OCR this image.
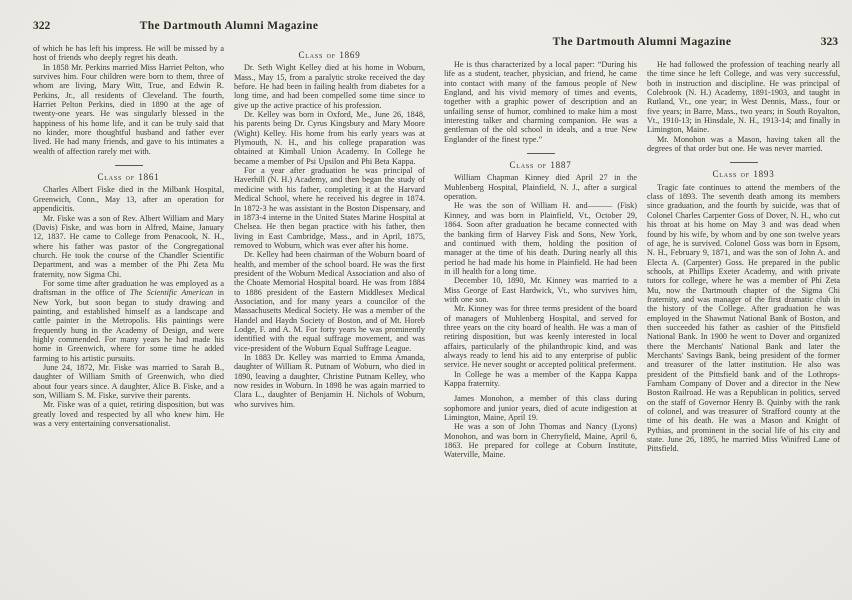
322	The Dartmouth Alumni Magazine

of which he has left his impress. He will be missed by a host of friends who deeply regret his death.

In 1858 Mr. Perkins married Miss Harriet Pelton, who survives him. Four children were born to them, three of whom are living, Mary Witt, True, and Edwin R. Perkins, Jr., all residents of Cleveland. The fourth, Harriet Pelton Perkins, died in 1890 at the age of twenty-one years. He was singularly blessed in the happiness of his home life, and it can be truly said that no kinder, more thoughtful husband and father ever lived. He had many friends, and gave to his intimates a wealth of affection rarely met with.

Class of 1861

Charles Albert Fiske died in the Milbank Hospital, Greenwich, Conn., May 13, after an operation for appendicitis.

Mr. Fiske was a son of Rev. Albert William and Mary (Davis) Fiske, and was born in Alfred, Maine, January 12, 1837. He came to College from Penacook, N. H., where his father was pastor of the Congregational church. He took the course of the Chandler Scientific Department, and was a member of the Phi Zeta Mu fraternity, now Sigma Chi.

For some time after graduation he was employed as a draftsman in the office of The Scientific American in New York, but soon began to study drawing and painting, and established himself as a landscape and cattle painter in the Metropolis. His paintings were frequently hung in the Academy of Design, and were highly commended. For many years he had made his home in Greenwich, where for some time he added farming to his artistic pursuits.

June 24, 1872, Mr. Fiske was married to Sarah B., daughter of William Smith of Greenwich, who died about four years since. A daughter, Alice B. Fiske, and a son, William S. M. Fiske, survive their parents.

Mr. Fiske was of a quiet, retiring disposition, but was greatly loved and respected by all who knew him. He was a very entertaining conversationalist.

Class of 1869

Dr. Seth Wight Kelley died at his home in Woburn, Mass., May 15, from a paralytic stroke received the day before. He had been in failing health from diabetes for a long time, and had been compelled some time since to give up the active practice of his profession.

Dr. Kelley was born in Oxford, Me., June 26, 1848, his parents being Dr. Cyrus Kingsbury and Mary Moore (Wight) Kelley. His home from his early years was at Plymouth, N. H., and his college praparation was obtained at Kimball Union Academy. In College he became a member of Psi Upsilon and Phi Beta Kappa.

For a year after graduation he was principal of Haverhill (N. H.) Academy, and then began the study of medicine with his father, completing it at the Harvard Medical School, where he received his degree in 1874. In 1872-3 he was assistant in the Boston Dispensary, and in 1873-4 interne in the United States Marine Hospital at Chelsea. He then began practice with his father, then living in East Cambridge, Mass., and in April, 1875, removed to Woburn, which was ever after his home.

Dr. Kelley had been chairman of the Woburn board of health, and member of the school board. He was the first president of the Woburn Medical Association and also of the Choate Memorial Hospital board. He was from 1884 to 1886 president of the Eastern Middlesex Medical Association, and for many years a councilor of the Massachusetts Medical Society. He was a member of the Handel and Haydn Society of Boston, and of Mt. Horeb Lodge, F. and A. M. For forty years he was prominently identified with the equal suffrage movement, and was vice-president of the Woburn Equal Suffrage League.

In 1883 Dr. Kelley was married to Emma Amanda, daughter of William R. Putnam of Woburn, who died in 1890, leaving a daughter, Christine Putnam Kelley, who now resides in Woburn. In 1898 he was again married to Clara L., daughter of Benjamin H. Nichols of Woburn, who survives him.

The Dartmouth Alumni Magazine	323

He is thus characterized by a local paper: “During his life as a student, teacher, physician, and friend, he came into contact with many of the famous people of New England, and his vivid memory of times and events, together with a graphic power of description and an unfailing sense of humor, combined to make him a most interesting talker and charming companion. He was a gentleman of the old school in ideals, and a true New Englander of the finest type.”

Class of 1887

William Chapman Kinney died April 27 in the Muhlenberg Hospital, Plainfield, N. J., after a surgical operation.

He was the son of William H. and——— (Fisk) Kinney, and was born in Plainfield, Vt., October 29, 1864. Soon after graduation he became connected with the banking firm of Harvey Fisk and Sons, New York, and continued with them, holding the position of manager at the time of his death. During nearly all this period he had made his home in Plainfield. He had been in ill health for a long time.

December 10, 1890, Mr. Kinney was married to a Miss George of East Hardwick, Vt., who survives him, with one son.

Mr. Kinney was for three terms president of the board of managers of Muhlenberg Hospital, and served for three years on the city board of health. He was a man of retiring disposition, but was keenly interested in local affairs, particularly of the philanthropic kind, and was always ready to lend his aid to any enterprise of public service. He never sought or accepted political preferment.

In College he was a member of the Kappa Kappa Kappa fraternity.

James Monohon, a member of this class during sophomore and junior years, died of acute indigestion at Limington, Maine, April 19.

He was a son of John Thomas and Nancy (Lyons) Monohon, and was born in Cherryfield, Maine, April 6, 1863. He prepared for college at Coburn Institute, Waterville, Maine.

He had followed the profession of teaching nearly all the time since he left College, and was very successful, both in instruction and discipline. He was principal of Colebrook (N. H.) Academy, 1891-1903, and taught in Rutland, Vt., one year; in West Dennis, Mass., four or five years; in Barre, Mass., two years; in South Royalton, Vt., 1910-13; in Hinsdale, N. H., 1913-14; and finally in Limington, Maine.

Mr. Monohon was a Mason, having taken all the degrees of that order but one. He was never married.

Class of 1893

Tragic fate continues to attend the members of the class of 1893. The seventh death among its members since graduation, and the fourth by suicide, was that of Colonel Charles Carpenter Goss of Dover, N. H., who cut his throat at his home on May 3 and was dead when found by his wife, by whom and by one son twelve years of age, he is survived. Colonel Goss was born in Epsom, N. H., February 9, 1871, and was the son of John A. and Electa A. (Carpenter) Goss. He prepared in the public schools, at Phillips Exeter Academy, and with private tutors for college, where he was a member of Phi Zeta Mu, now the Dartmouth chapter of the Sigma Chi fraternity, and was manager of the first dramatic club in the history of the College. After graduation he was employed in the Shawmut National Bank of Boston, and then succeeded his father as cashier of the Pittsfield National Bank. In 1900 he went to Dover and organized there the Merchants' National Bank and later the Merchants' Savings Bank, being president of the former and treasurer of the latter institution. He also was president of the Pittsfield bank and of the Lothrops-Farnham Company of Dover and a director in the New Boston Railroad. He was a Republican in politics, served on the staff of Governor Henry B. Quinby with the rank of colonel, and was treasurer of Strafford county at the time of his death. He was a Mason and Knight of Pythias, and prominent in the social life of his city and state. June 26, 1895, he married Miss Winifred Lane of Pittsfield.
